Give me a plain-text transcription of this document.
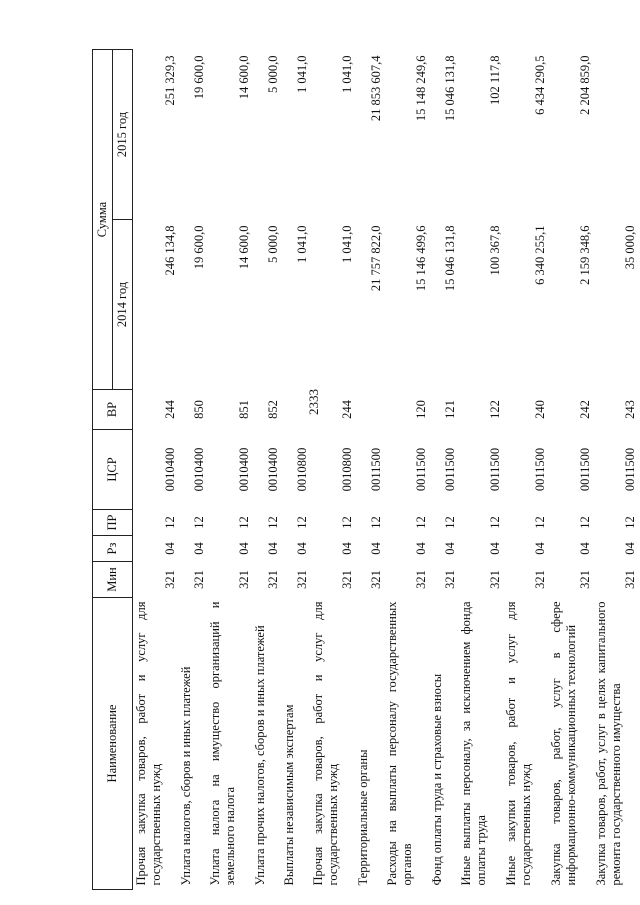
2333
Наименование	Мин	Рз	ПР	ЦСР	ВР	Сумма	
						2014 год	2015 год
Прочая закупка товаров, работ и услуг для государственных нужд	321	04	12	0010400	244	246 134,8	251 329,3
Уплата налогов, сборов и иных платежей	321	04	12	0010400	850	19 600,0	19 600,0
Уплата налога на имущество организаций и земельного налога	321	04	12	0010400	851	14 600,0	14 600,0
Уплата прочих налогов, сборов и иных платежей	321	04	12	0010400	852	5 000,0	5 000,0
Выплаты независимым экспертам	321	04	12	0010800		1 041,0	1 041,0
Прочая закупка товаров, работ и услуг для государственных нужд	321	04	12	0010800	244	1 041,0	1 041,0
Территориальные органы	321	04	12	0011500		21 757 822,0	21 853 607,4
Расходы на выплаты персоналу государственных органов	321	04	12	0011500	120	15 146 499,6	15 148 249,6
Фонд оплаты труда и страховые взносы	321	04	12	0011500	121	15 046 131,8	15 046 131,8
Иные выплаты персоналу, за исключением фонда оплаты труда	321	04	12	0011500	122	100 367,8	102 117,8
Иные закупки товаров, работ и услуг для государственных нужд	321	04	12	0011500	240	6 340 255,1	6 434 290,5
Закупка товаров, работ, услуг в сфере информационно-коммуникационных технологий	321	04	12	0011500	242	2 159 348,6	2 204 859,0
Закупка товаров, работ, услуг в целях капитального ремонта государственного имущества	321	04	12	0011500	243	35 000,0	
